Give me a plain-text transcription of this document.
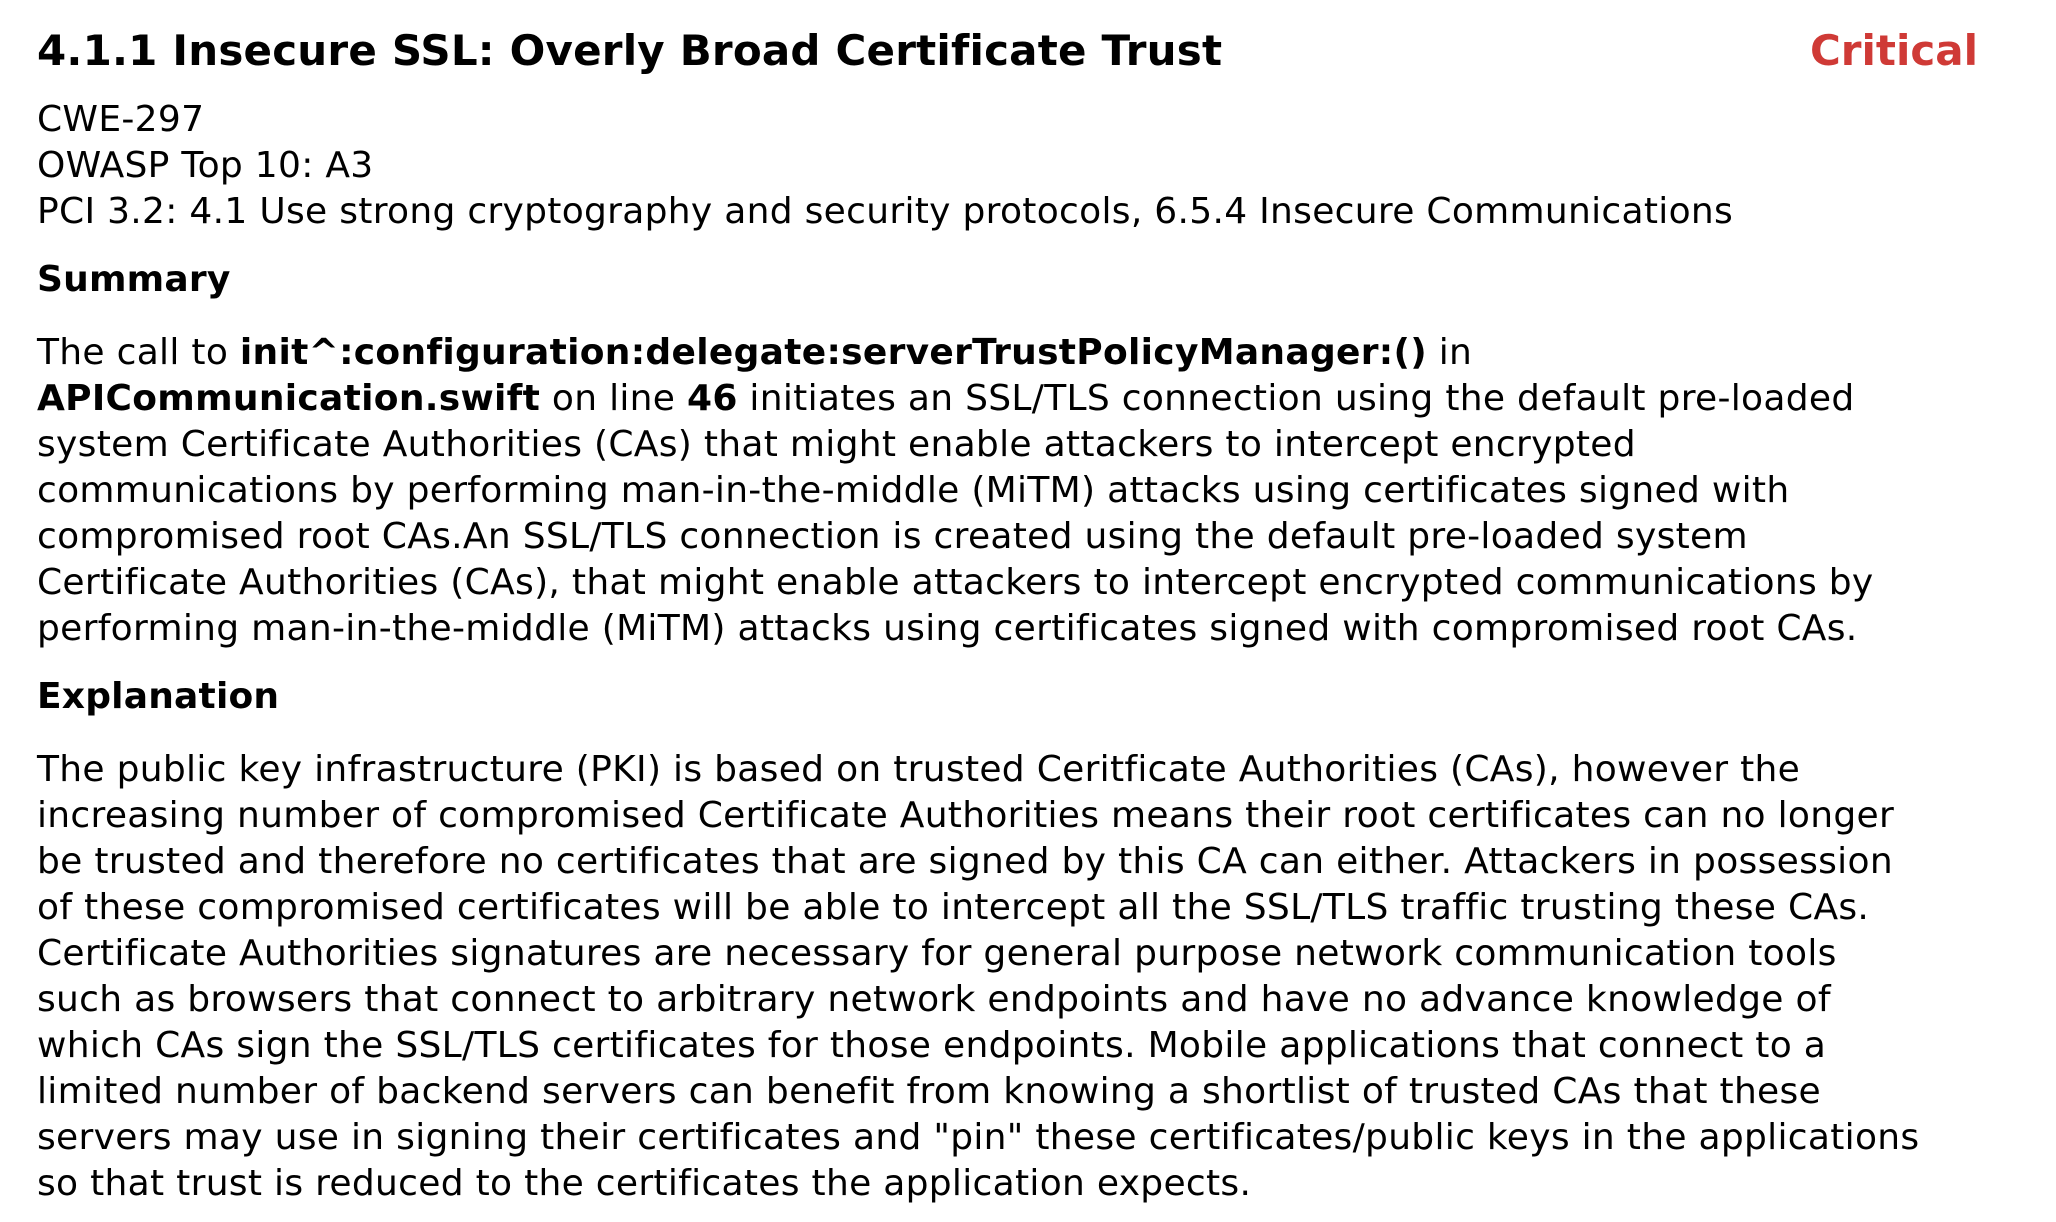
4.1.1 Insecure SSL: Overly Broad Certificate Trust	Critical
CWE-297
OWASP Top 10: A3
PCI 3.2: 4.1 Use strong cryptography and security protocols, 6.5.4 Insecure Communications
Summary

The call to init^:configuration:delegate:serverTrustPolicyManager:() in
APICommunication.swift on line 46 initiates an SSL/TLS connection using the default pre-loaded
system Certificate Authorities (CAs) that might enable attackers to intercept encrypted
communications by performing man-in-the-middle (MiTM) attacks using certificates signed with
compromised root CAs.An SSL/TLS connection is created using the default pre-loaded system
Certificate Authorities (CAs), that might enable attackers to intercept encrypted communications by
performing man-in-the-middle (MiTM) attacks using certificates signed with compromised root CAs.

Explanation

The public key infrastructure (PKI) is based on trusted Ceritficate Authorities (CAs), however the
increasing number of compromised Certificate Authorities means their root certificates can no longer
be trusted and therefore no certificates that are signed by this CA can either. Attackers in possession
of these compromised certificates will be able to intercept all the SSL/TLS traffic trusting these CAs.
Certificate Authorities signatures are necessary for general purpose network communication tools
such as browsers that connect to arbitrary network endpoints and have no advance knowledge of
which CAs sign the SSL/TLS certificates for those endpoints. Mobile applications that connect to a
limited number of backend servers can benefit from knowing a shortlist of trusted CAs that these
servers may use in signing their certificates and "pin" these certificates/public keys in the applications
so that trust is reduced to the certificates the application expects.
